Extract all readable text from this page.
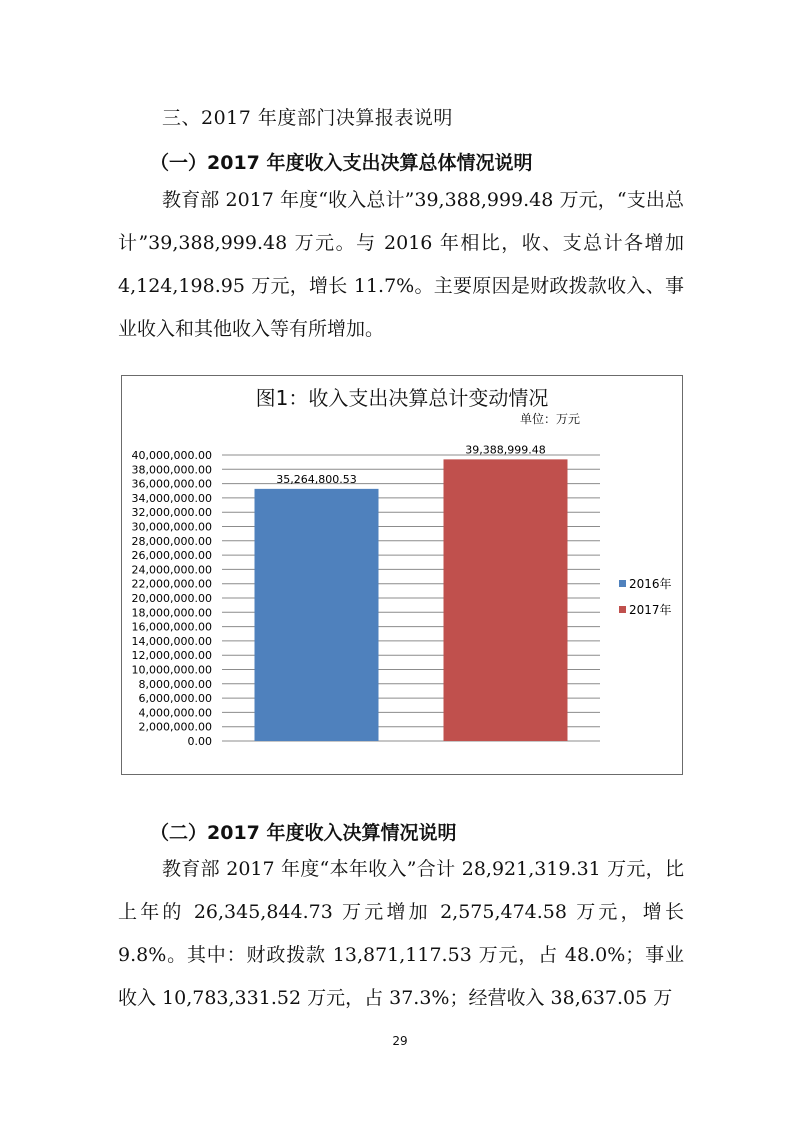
三、2017 年度部门决算报表说明
（一）2017 年度收入支出决算总体情况说明
教育部 2017 年度“收入总计”39,388,999.48 万元，“支出总计”39,388,999.48 万元。与 2016 年相比，收、支总计各增加 4,124,198.95 万元，增长 11.7%。主要原因是财政拨款收入、事业收入和其他收入等有所增加。
图1：收入支出决算总计变动情况
单位：万元
0.00
2,000,000.00
4,000,000.00
6,000,000.00
8,000,000.00
10,000,000.00
12,000,000.00
14,000,000.00
16,000,000.00
18,000,000.00
20,000,000.00
22,000,000.00
24,000,000.00
26,000,000.00
28,000,000.00
30,000,000.00
32,000,000.00
34,000,000.00
36,000,000.00
38,000,000.00
40,000,000.00
35,264,800.53
39,388,999.48
2016年
2017年
（二）2017 年度收入决算情况说明
教育部 2017 年度“本年收入”合计 28,921,319.31 万元，比上年的 26,345,844.73 万元增加 2,575,474.58 万元，增长 9.8%。其中：财政拨款 13,871,117.53 万元，占 48.0%；事业收入 10,783,331.52 万元，占 37.3%；经营收入 38,637.05 万
29
